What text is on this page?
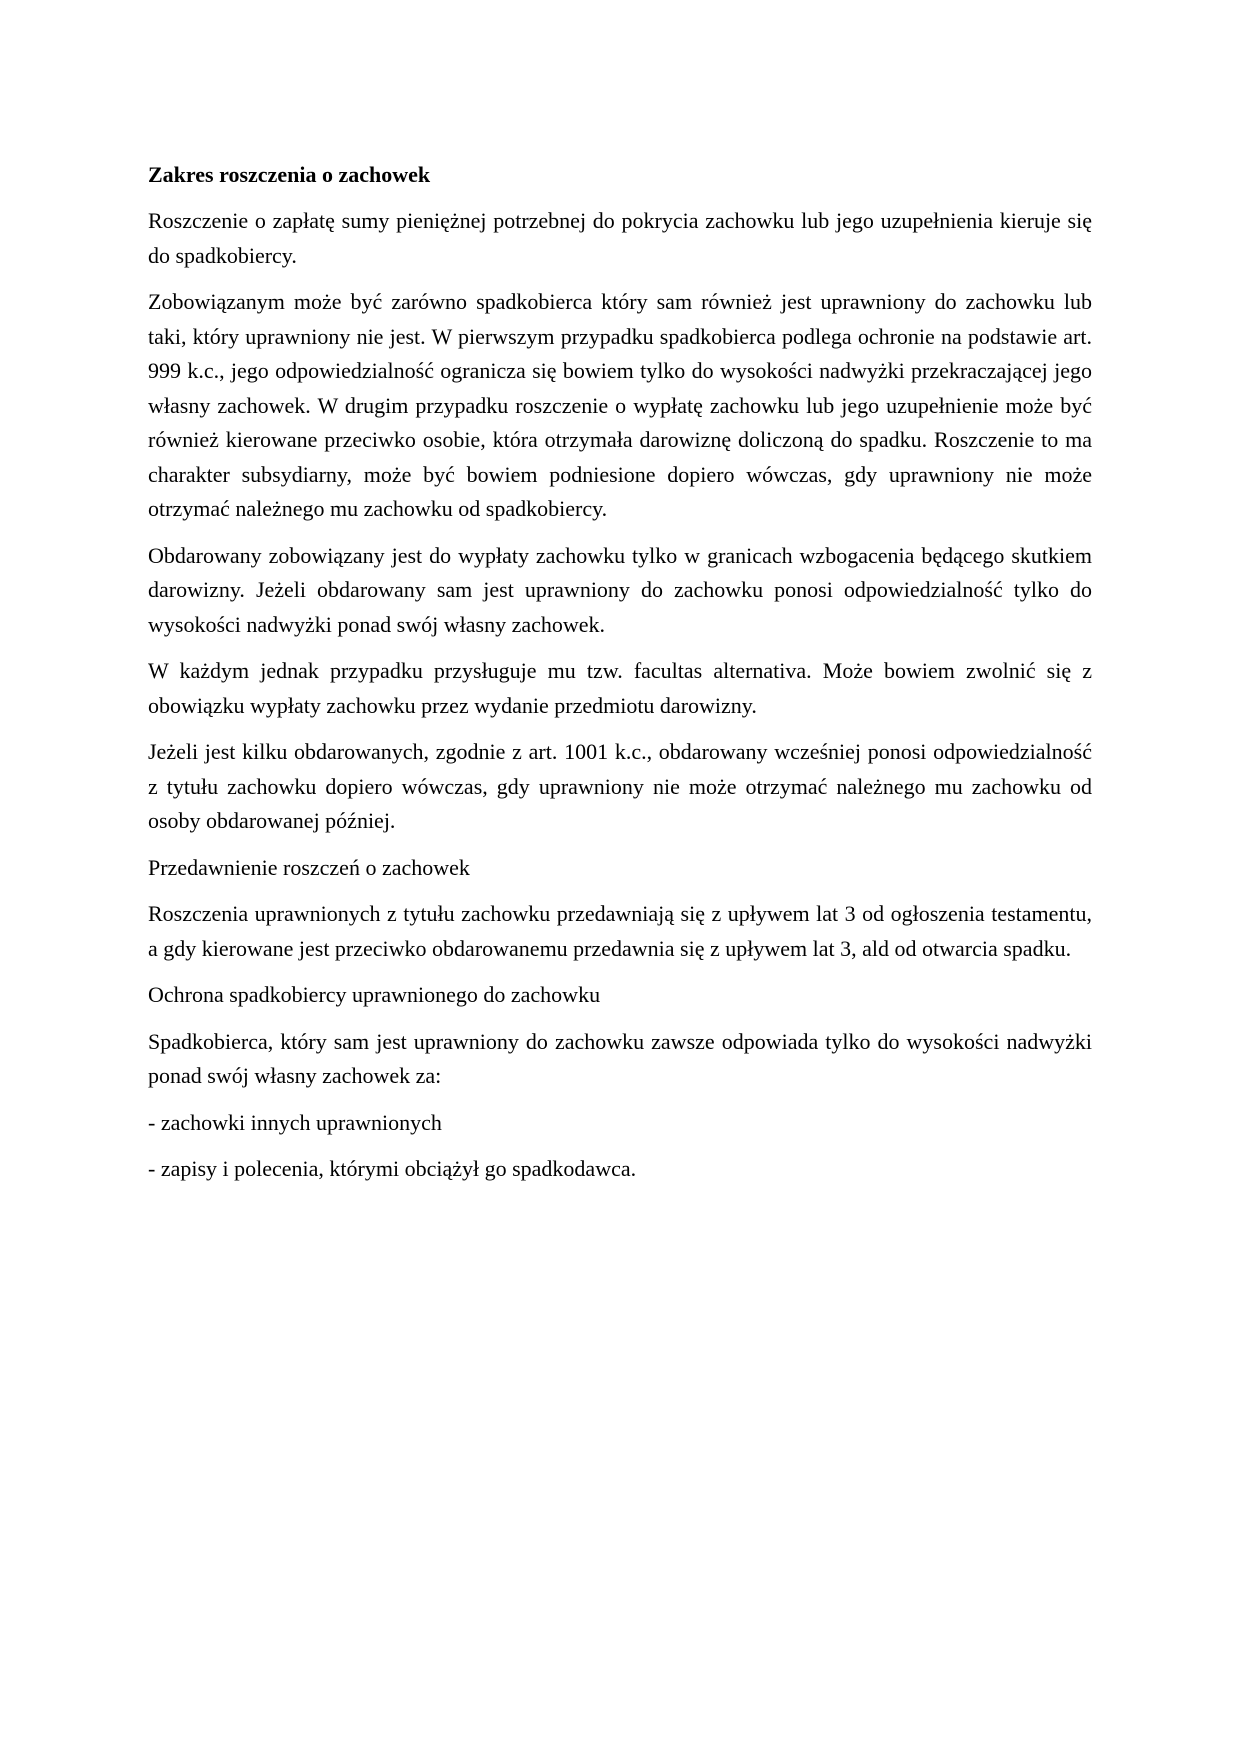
Zakres roszczenia o zachowek

Roszczenie o zapłatę sumy pieniężnej potrzebnej do pokrycia zachowku lub jego uzupełnienia kieruje się do spadkobiercy.

Zobowiązanym może być zarówno spadkobierca który sam również jest uprawniony do zachowku lub taki, który uprawniony nie jest. W pierwszym przypadku spadkobierca podlega ochronie na podstawie art. 999 k.c., jego odpowiedzialność ogranicza się bowiem tylko do wysokości nadwyżki przekraczającej jego własny zachowek. W drugim przypadku roszczenie o wypłatę zachowku lub jego uzupełnienie może być również kierowane przeciwko osobie, która otrzymała darowiznę doliczoną do spadku. Roszczenie to ma charakter subsydiarny, może być bowiem podniesione dopiero wówczas, gdy uprawniony nie może otrzymać należnego mu zachowku od spadkobiercy.

Obdarowany zobowiązany jest do wypłaty zachowku tylko w granicach wzbogacenia będącego skutkiem darowizny. Jeżeli obdarowany sam jest uprawniony do zachowku ponosi odpowiedzialność tylko do wysokości nadwyżki ponad swój własny zachowek.

W każdym jednak przypadku przysługuje mu tzw. facultas alternativa. Może bowiem zwolnić się z obowiązku wypłaty zachowku przez wydanie przedmiotu darowizny.

Jeżeli jest kilku obdarowanych, zgodnie z art. 1001 k.c., obdarowany wcześniej ponosi odpowiedzialność z tytułu zachowku dopiero wówczas, gdy uprawniony nie może otrzymać należnego mu zachowku od osoby obdarowanej później.

Przedawnienie roszczeń o zachowek

Roszczenia uprawnionych z tytułu zachowku przedawniają się z upływem lat 3 od ogłoszenia testamentu, a gdy kierowane jest przeciwko obdarowanemu przedawnia się z upływem lat 3, ald od otwarcia spadku.

Ochrona spadkobiercy uprawnionego do zachowku

Spadkobierca, który sam jest uprawniony do zachowku zawsze odpowiada tylko do wysokości nadwyżki ponad swój własny zachowek za:

- zachowki innych uprawnionych

- zapisy i polecenia, którymi obciążył go spadkodawca.
